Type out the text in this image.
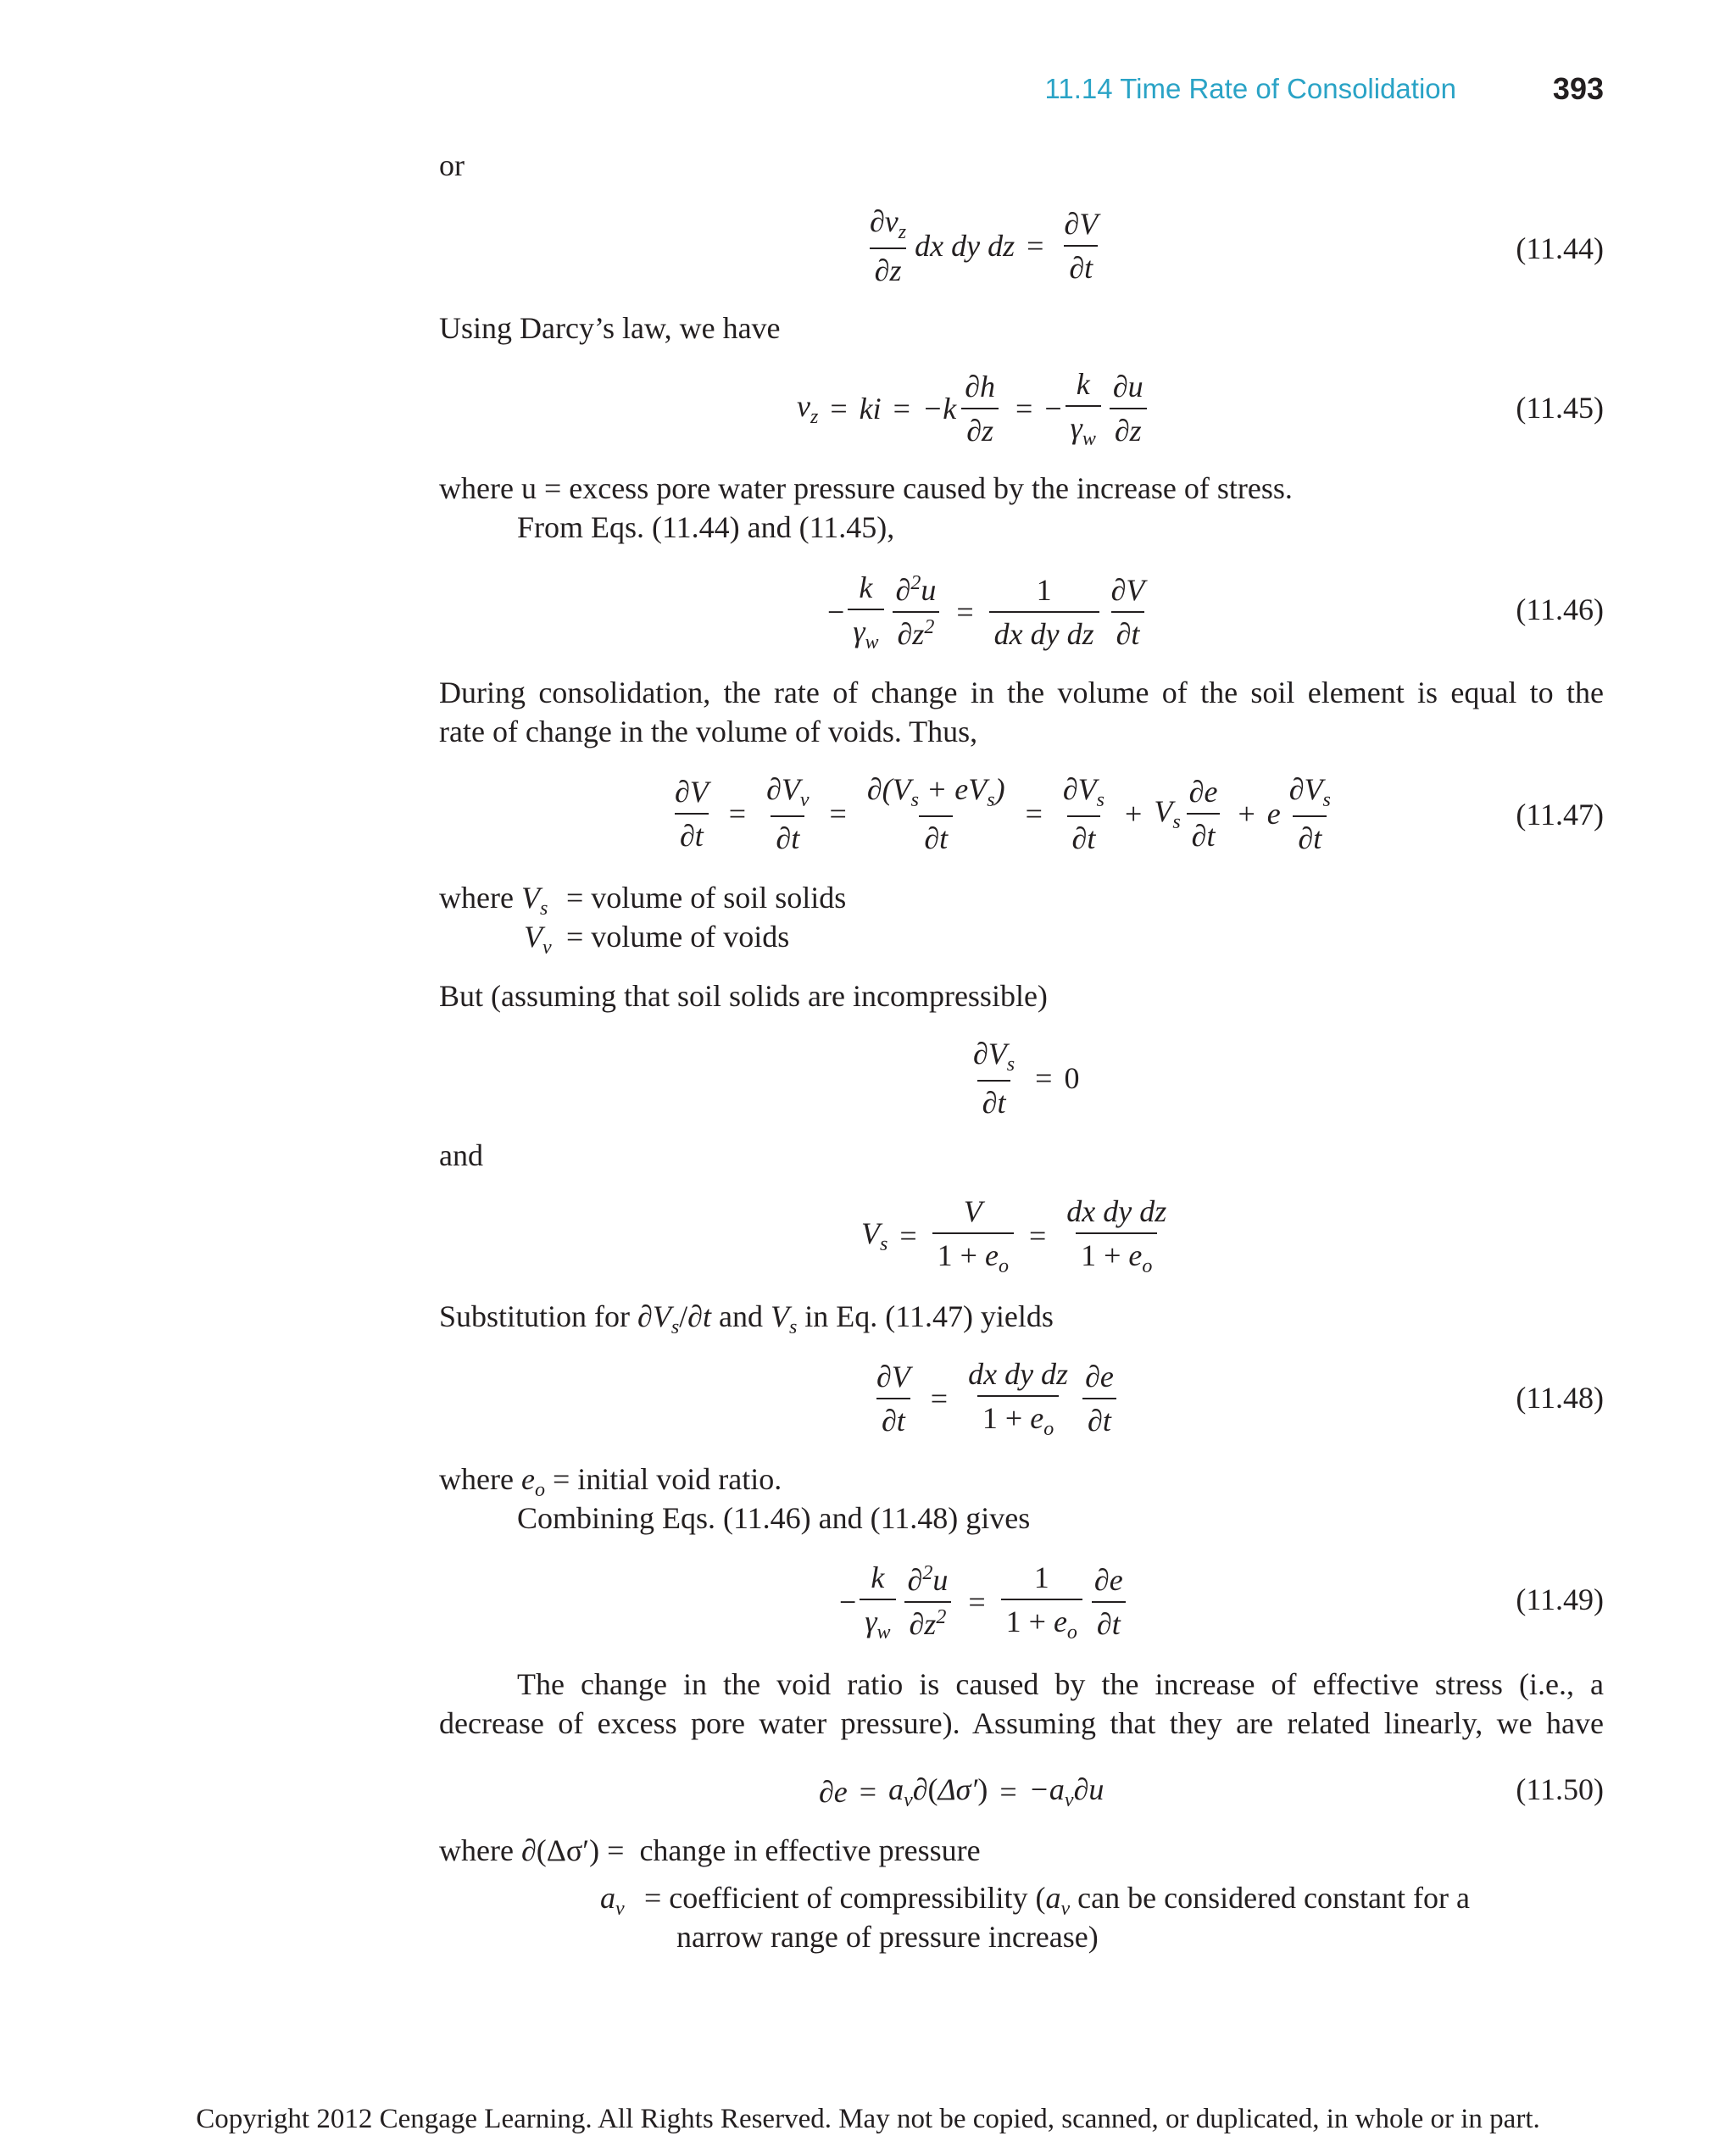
11.14 Time Rate of Consolidation	393
or
$\frac{\partial v_z}{\partial z}$ dx dy dz = $\frac{\partial V}{\partial t}$	(11.44)
Using Darcy’s law, we have
$v_z$ = ki = $-k \frac{\partial h}{\partial z}$ = − $\frac{k}{\gamma_w} \frac{\partial u}{\partial z}$	(11.45)
where u = excess pore water pressure caused by the increase of stress.
From Eqs. (11.44) and (11.45),
− $\frac{k}{\gamma_w} \frac{\partial^2u}{\partial z^2} = \frac{1}{\text{dx dy dz}} \frac{\partial V}{\partial t}$	(11.46)
During consolidation, the rate of change in the volume of the soil element is equal to the
rate of change in the volume of voids. Thus,
$\frac{\partial V}{\partial t} = \frac{\partial V_v}{\partial t} = \frac{\partial(V_s + eV_s)}{\partial t} = \frac{\partial V_s}{\partial t} + V_s \frac{\partial e}{\partial t} + e \frac{\partial V_s}{\partial t}$	(11.47)
where $V_s$ = volume of soil solids
$V_v$ = volume of voids
But (assuming that soil solids are incompressible)
$\frac{\partial V_s}{\partial t} = 0$
and
$V_s = \frac{V}{1 + e_o} = \frac{\text{dx dy dz}}{1 + e_o}$
Substitution for $\partial V_s/\partial t$ and $V_s$ in Eq. (11.47) yields
$\frac{\partial V}{\partial t} = \frac{\text{dx dy dz}}{1 + e_o} \frac{\partial e}{\partial t}$	(11.48)
where $e_o$ = initial void ratio.
Combining Eqs. (11.46) and (11.48) gives
− $\frac{k}{\gamma_w} \frac{\partial^2u}{\partial z^2} = \frac{1}{1 + e_o} \frac{\partial e}{\partial t}$	(11.49)
The change in the void ratio is caused by the increase of effective stress (i.e., a
decrease of excess pore water pressure). Assuming that they are related linearly, we have
$\partial e = a_v\partial(\Delta\sigma') = -a_v\partial u$	(11.50)
where ∂(Δσ′) =  change in effective pressure
$a_v$ = coefficient of compressibility ($a_v$ can be considered constant for a
narrow range of pressure increase)
Copyright 2012 Cengage Learning. All Rights Reserved. May not be copied, scanned, or duplicated, in whole or in part.
